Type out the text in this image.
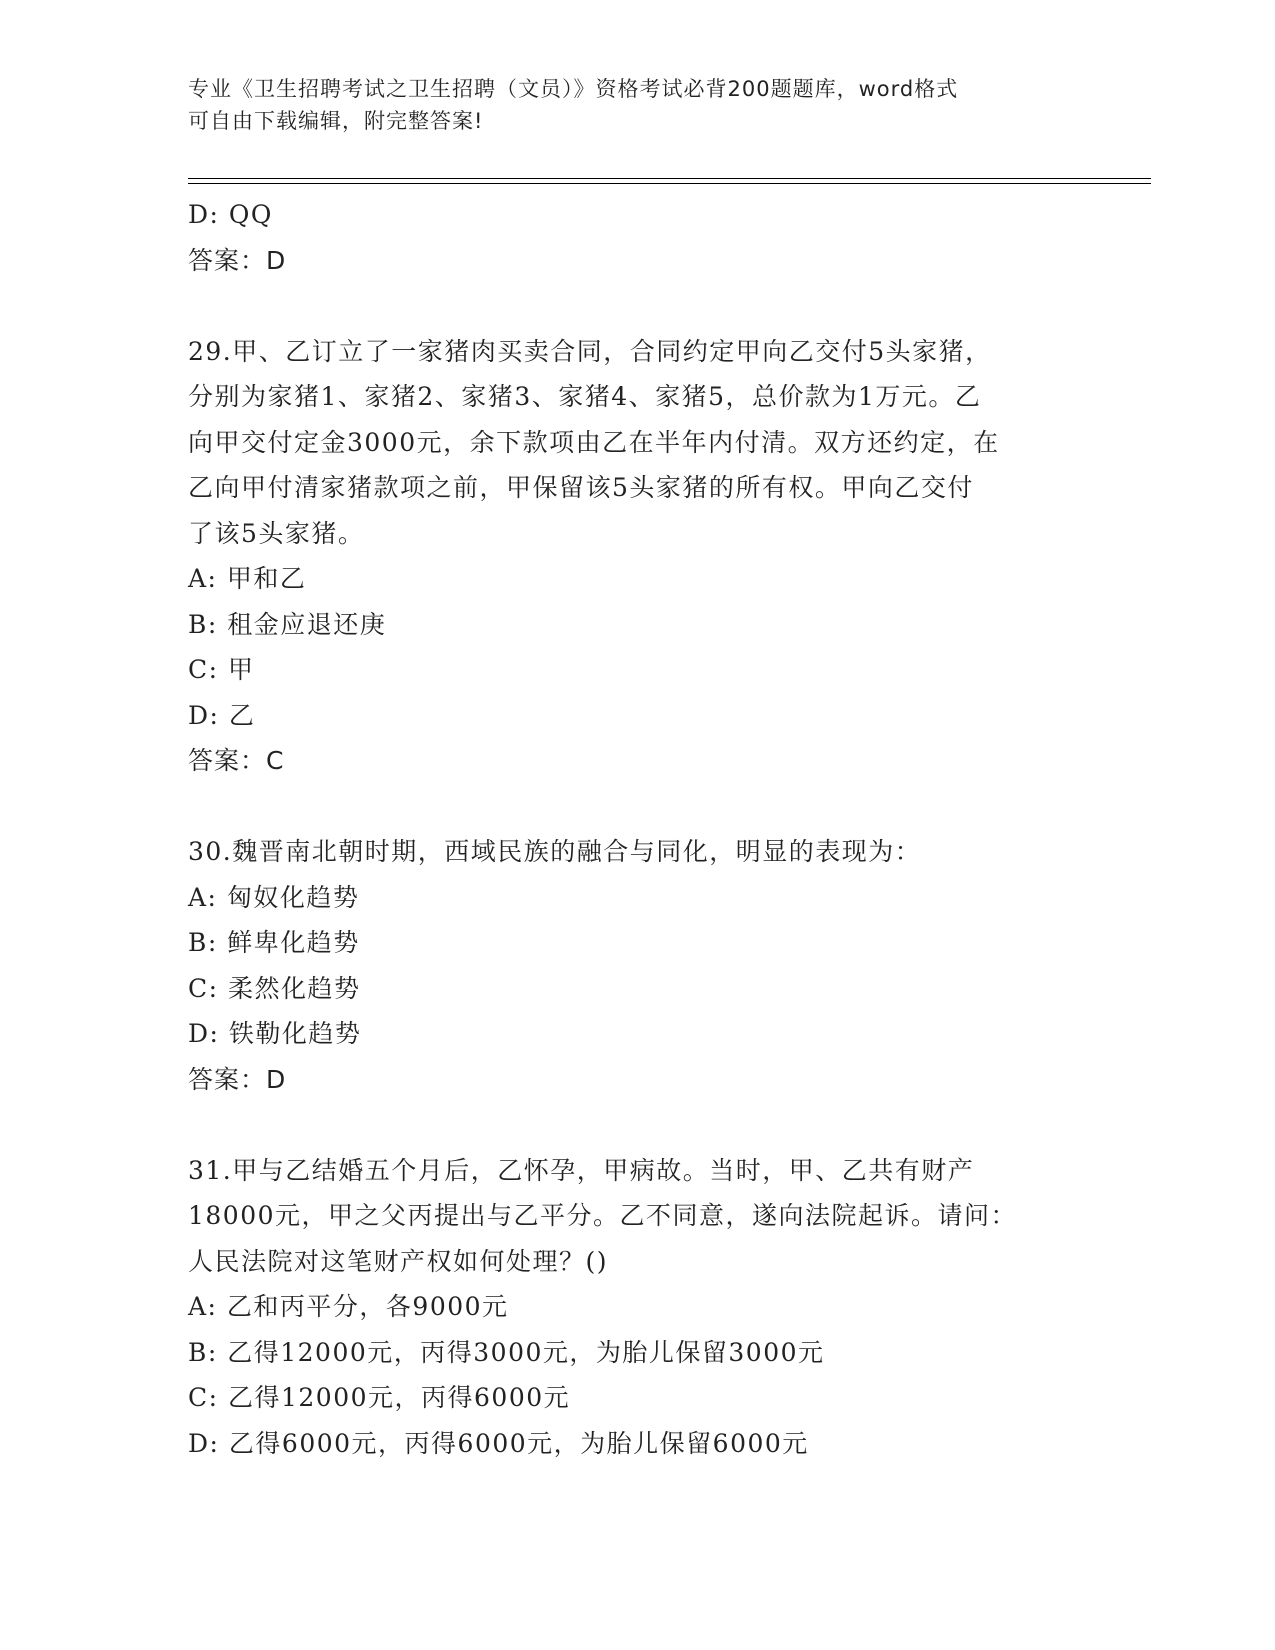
专业《卫生招聘考试之卫生招聘（文员）》资格考试必背200题题库，word格式
可自由下载编辑，附完整答案!
D: QQ
答案：D
29.甲、乙订立了一家猪肉买卖合同，合同约定甲向乙交付5头家猪，
分别为家猪1、家猪2、家猪3、家猪4、家猪5，总价款为1万元。乙
向甲交付定金3000元，余下款项由乙在半年内付清。双方还约定，在
乙向甲付清家猪款项之前，甲保留该5头家猪的所有权。甲向乙交付
了该5头家猪。
A: 甲和乙
B: 租金应退还庚
C: 甲
D: 乙
答案：C
30.魏晋南北朝时期，西域民族的融合与同化，明显的表现为：
A: 匈奴化趋势
B: 鲜卑化趋势
C: 柔然化趋势
D: 铁勒化趋势
答案：D
31.甲与乙结婚五个月后，乙怀孕，甲病故。当时，甲、乙共有财产
18000元，甲之父丙提出与乙平分。乙不同意，遂向法院起诉。请问：
人民法院对这笔财产权如何处理？()
A: 乙和丙平分，各9000元
B: 乙得12000元，丙得3000元，为胎儿保留3000元
C: 乙得12000元，丙得6000元
D: 乙得6000元，丙得6000元，为胎儿保留6000元
